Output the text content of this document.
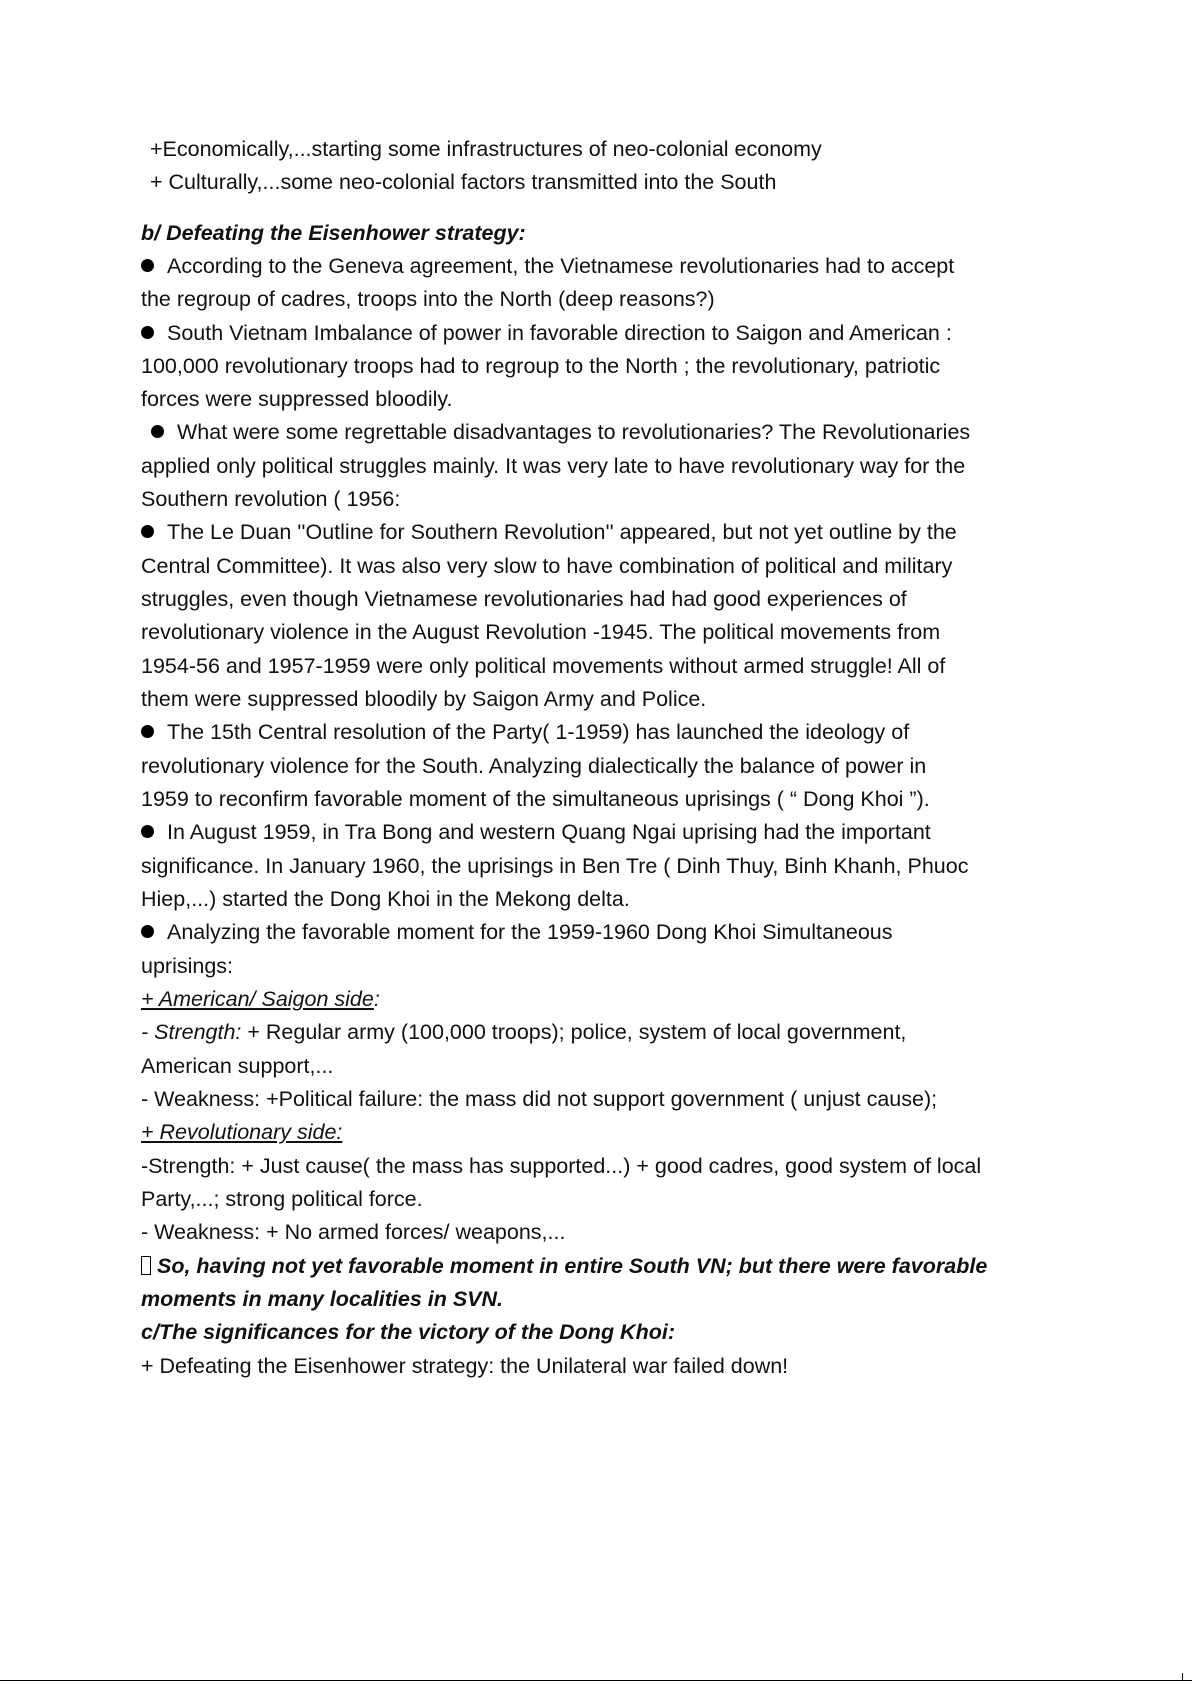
+Economically,...starting some infrastructures of neo-colonial economy
+ Culturally,...some neo-colonial factors transmitted into the South
b/ Defeating the Eisenhower strategy:
According to the Geneva agreement, the Vietnamese revolutionaries had to accept
the regroup of cadres, troops into the North (deep reasons?)
South Vietnam Imbalance of power in favorable direction to Saigon and American :
100,000 revolutionary troops had to regroup to the North ; the revolutionary, patriotic
forces were suppressed bloodily.
What were some regrettable disadvantages to revolutionaries? The Revolutionaries
applied only political struggles mainly. It was very late to have revolutionary way for the
Southern revolution ( 1956:
The Le Duan ''Outline for Southern Revolution'' appeared, but not yet outline by the
Central Committee). It was also very slow to have combination of political and military
struggles, even though Vietnamese revolutionaries had had good experiences of
revolutionary violence in the August Revolution -1945. The political movements from
1954-56 and 1957-1959 were only political movements without armed struggle! All of
them were suppressed bloodily by Saigon Army and Police.
The 15th Central resolution of the Party( 1-1959) has launched the ideology of
revolutionary violence for the South. Analyzing dialectically the balance of power in
1959 to reconfirm favorable moment of the simultaneous uprisings ( “ Dong Khoi ”).
In August 1959, in Tra Bong and western Quang Ngai uprising had the important
significance. In January 1960, the uprisings in Ben Tre ( Dinh Thuy, Binh Khanh, Phuoc
Hiep,...) started the Dong Khoi in the Mekong delta.
Analyzing the favorable moment for the 1959-1960 Dong Khoi Simultaneous
uprisings:
+ American/ Saigon side:
- Strength: + Regular army (100,000 troops); police, system of local government,
American support,...
- Weakness: +Political failure: the mass did not support government ( unjust cause);
+ Revolutionary side:
-Strength: + Just cause( the mass has supported...) + good cadres, good system of local
Party,...; strong political force.
- Weakness: + No armed forces/ weapons,...
So, having not yet favorable moment in entire South VN; but there were favorable
moments in many localities in SVN.
c/The significances for the victory of the Dong Khoi:
+ Defeating the Eisenhower strategy: the Unilateral war failed down!
